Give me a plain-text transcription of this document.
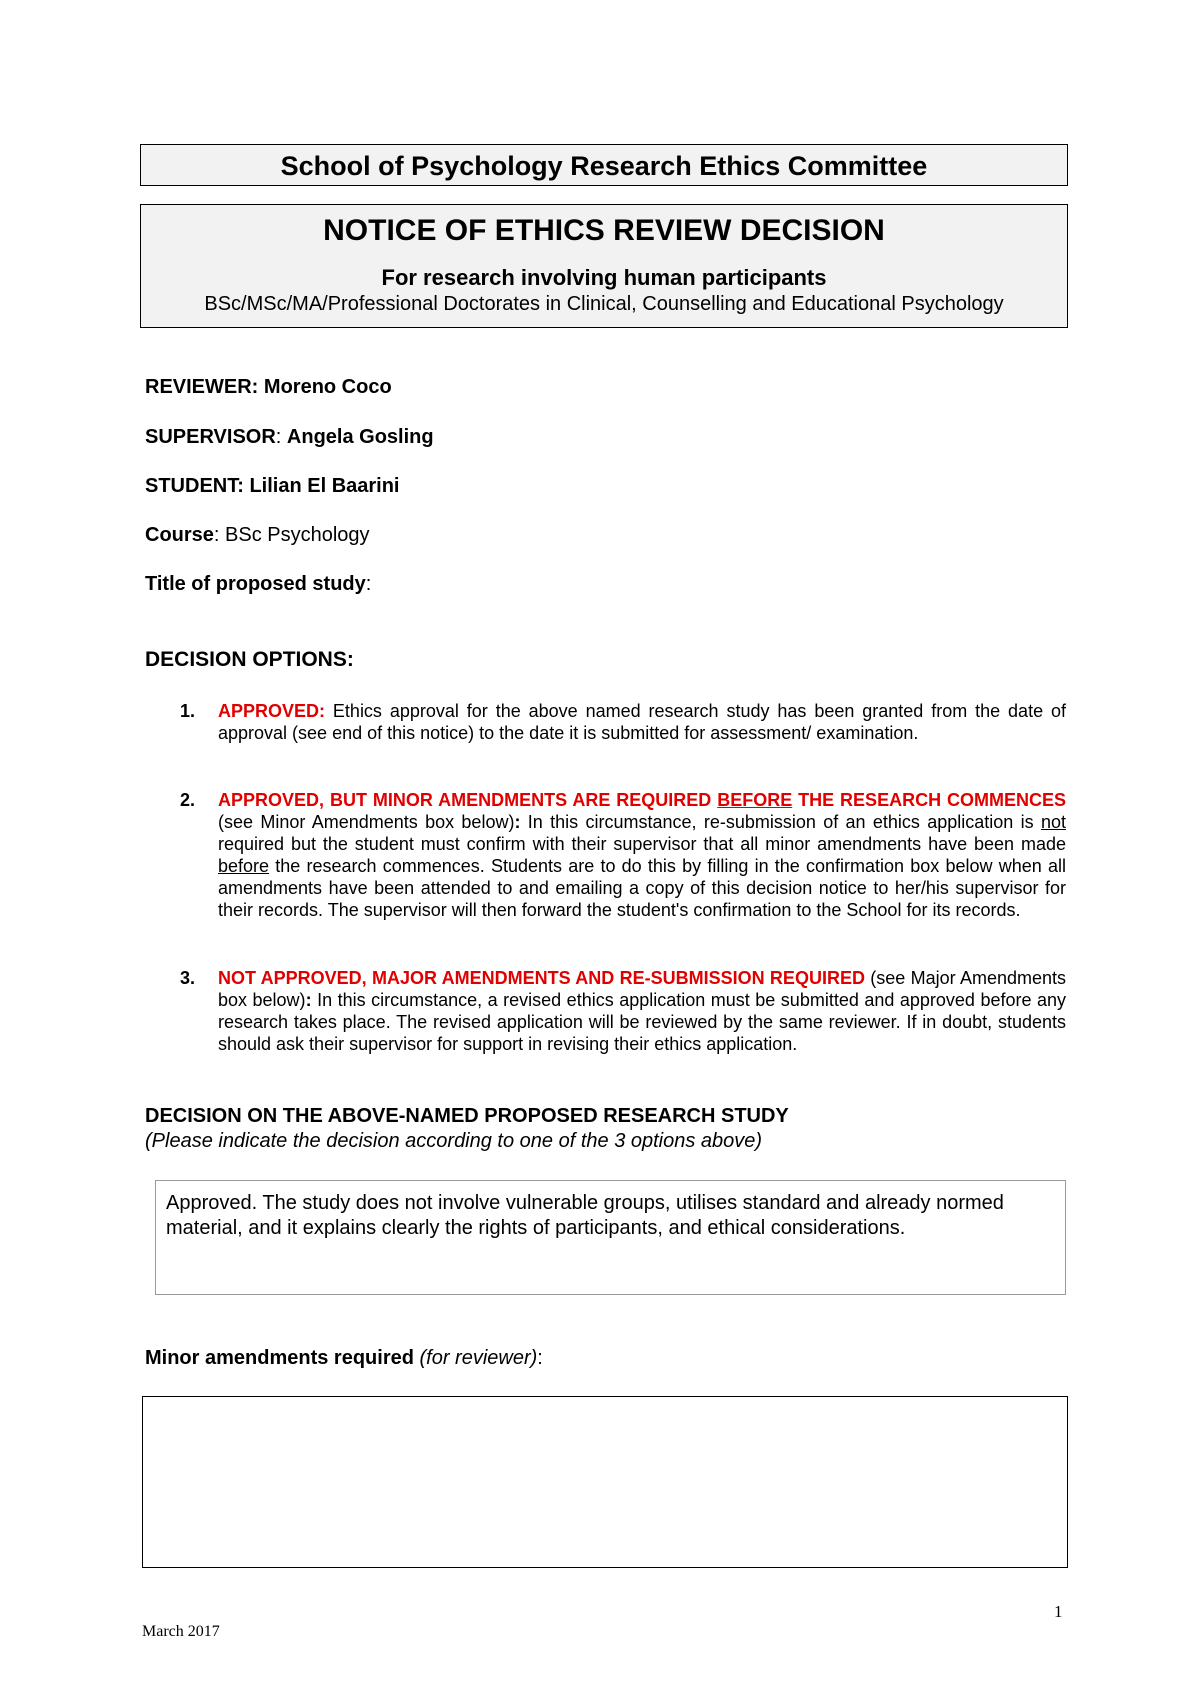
School of Psychology Research Ethics Committee
NOTICE OF ETHICS REVIEW DECISION
For research involving human participants
BSc/MSc/MA/Professional Doctorates in Clinical, Counselling and Educational Psychology
REVIEWER: Moreno Coco
SUPERVISOR: Angela Gosling
STUDENT: Lilian El Baarini
Course: BSc Psychology
Title of proposed study:
DECISION OPTIONS:
1. APPROVED: Ethics approval for the above named research study has been granted from the date of approval (see end of this notice) to the date it is submitted for assessment/ examination.
2. APPROVED, BUT MINOR AMENDMENTS ARE REQUIRED BEFORE THE RESEARCH COMMENCES (see Minor Amendments box below): In this circumstance, re-submission of an ethics application is not required but the student must confirm with their supervisor that all minor amendments have been made before the research commences. Students are to do this by filling in the confirmation box below when all amendments have been attended to and emailing a copy of this decision notice to her/his supervisor for their records. The supervisor will then forward the student's confirmation to the School for its records.
3. NOT APPROVED, MAJOR AMENDMENTS AND RE-SUBMISSION REQUIRED (see Major Amendments box below): In this circumstance, a revised ethics application must be submitted and approved before any research takes place. The revised application will be reviewed by the same reviewer. If in doubt, students should ask their supervisor for support in revising their ethics application.
DECISION ON THE ABOVE-NAMED PROPOSED RESEARCH STUDY
(Please indicate the decision according to one of the 3 options above)
Approved. The study does not involve vulnerable groups, utilises standard and already normed material, and it explains clearly the rights of participants, and ethical considerations.
Minor amendments required (for reviewer):
1
March 2017
